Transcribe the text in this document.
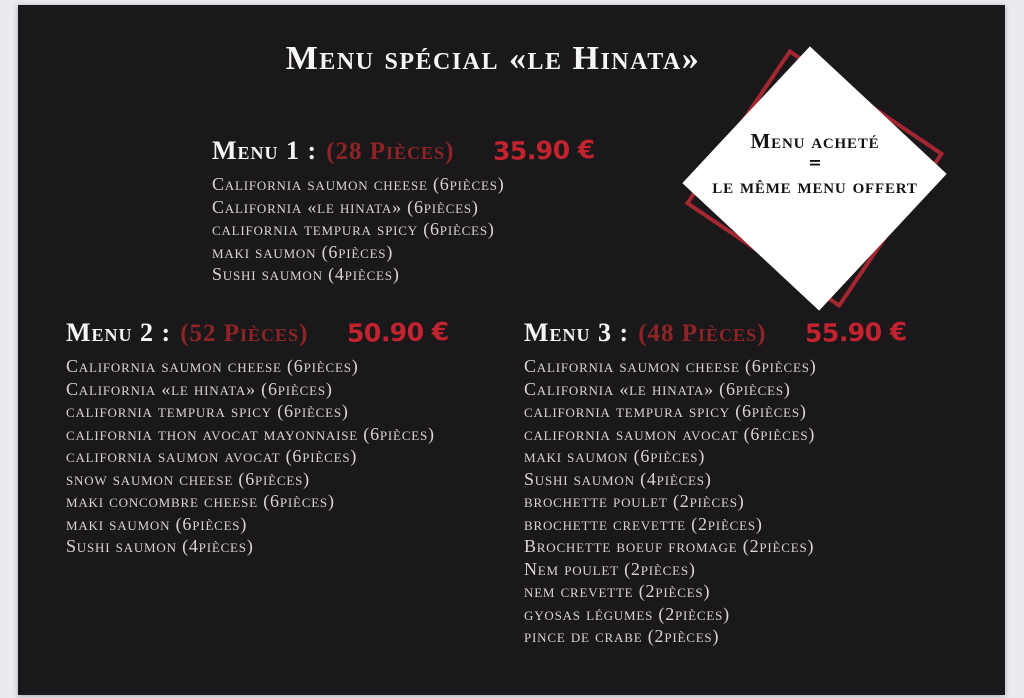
Menu spécial «le Hinata»
Menu acheté
=
le même menu offert
Menu 1 : (28 Pièces) 35.90 €
California saumon cheese (6pièces)
California «le hinata» (6pièces)
california tempura spicy (6pièces)
maki saumon (6pièces)
Sushi saumon (4pièces)
Menu 2 : (52 Pièces) 50.90 €
California saumon cheese (6pièces)
California «le hinata» (6pièces)
california tempura spicy (6pièces)
california thon avocat mayonnaise (6pièces)
california saumon avocat (6pièces)
snow saumon cheese (6pièces)
maki concombre cheese (6pièces)
maki saumon (6pièces)
Sushi saumon (4pièces)
Menu 3 : (48 Pièces) 55.90 €
California saumon cheese (6pièces)
California «le hinata» (6pièces)
california tempura spicy (6pièces)
california saumon avocat (6pièces)
maki saumon (6pièces)
Sushi saumon (4pièces)
brochette poulet (2pièces)
brochette crevette (2pièces)
Brochette boeuf fromage (2pièces)
Nem poulet (2pièces)
nem crevette (2pièces)
gyosas légumes (2pièces)
pince de crabe (2pièces)
